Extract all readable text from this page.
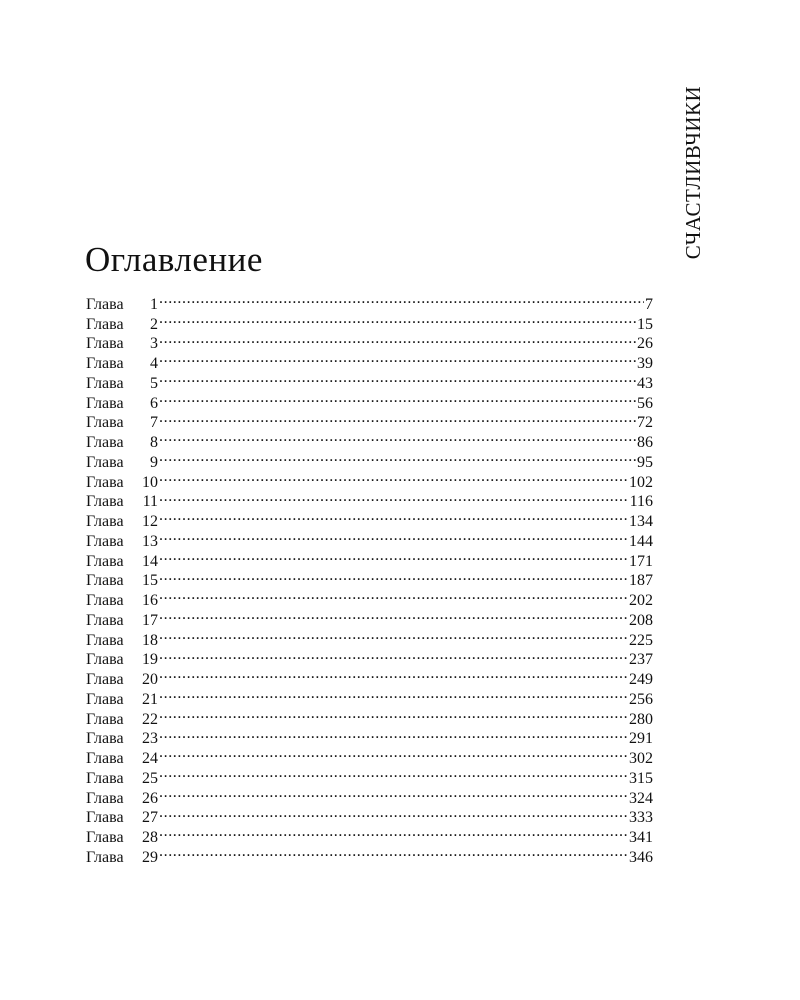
СЧАСТЛИВЧИКИ
Оглавление
Глава	1 .....	7
Глава	2 .....	15
Глава	3 .....	26
Глава	4 .....	39
Глава	5 .....	43
Глава	6 .....	56
Глава	7 .....	72
Глава	8 .....	86
Глава	9 .....	95
Глава	10 .....	102
Глава	11 .....	116
Глава	12 .....	134
Глава	13 .....	144
Глава	14 .....	171
Глава	15 .....	187
Глава	16 .....	202
Глава	17 .....	208
Глава	18 .....	225
Глава	19 .....	237
Глава	20 .....	249
Глава	21 .....	256
Глава	22 .....	280
Глава	23 .....	291
Глава	24 .....	302
Глава	25 .....	315
Глава	26 .....	324
Глава	27 .....	333
Глава	28 .....	341
Глава	29 .....	346
